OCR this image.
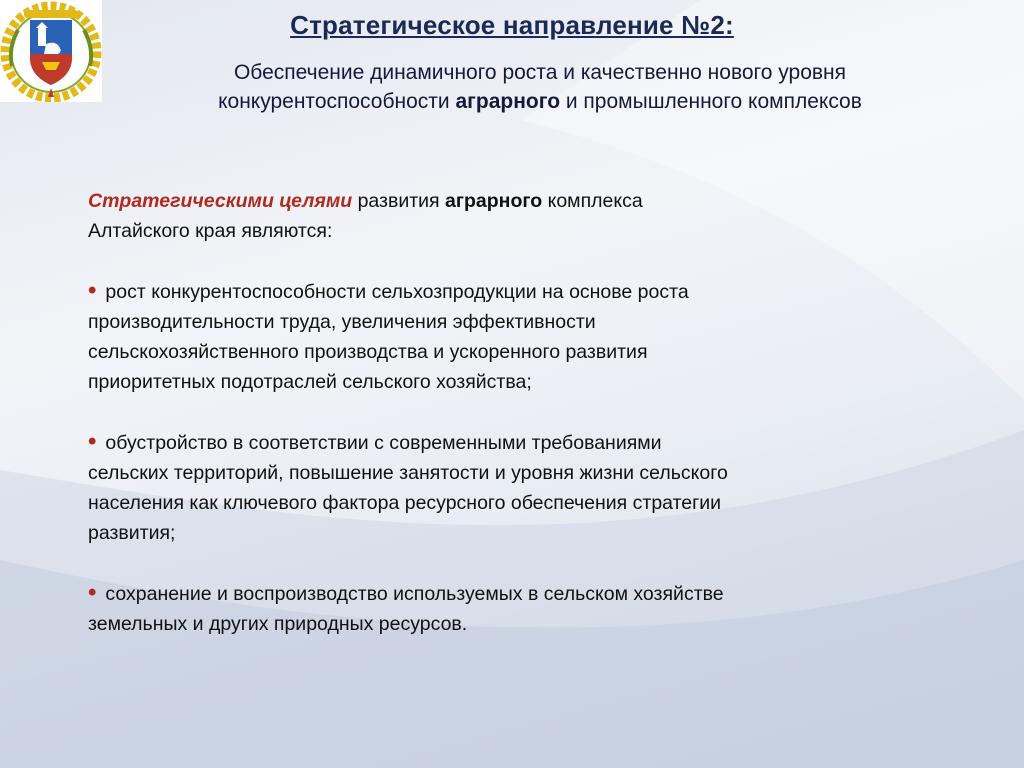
Стратегическое направление №2:
Обеспечение динамичного роста и качественно нового уровня
конкурентоспособности аграрного и промышленного комплексов

Стратегическими целями развития аграрного комплекса
Алтайского края являются:

• рост конкурентоспособности сельхозпродукции на основе роста
производительности труда, увеличения эффективности
сельскохозяйственного производства и ускоренного развития
приоритетных подотраслей сельского хозяйства;
• обустройство в соответствии с современными требованиями
сельских территорий, повышение занятости и уровня жизни сельского
населения как ключевого фактора ресурсного обеспечения стратегии
развития;
• сохранение и воспроизводство используемых в сельском хозяйстве
земельных и других природных ресурсов.
